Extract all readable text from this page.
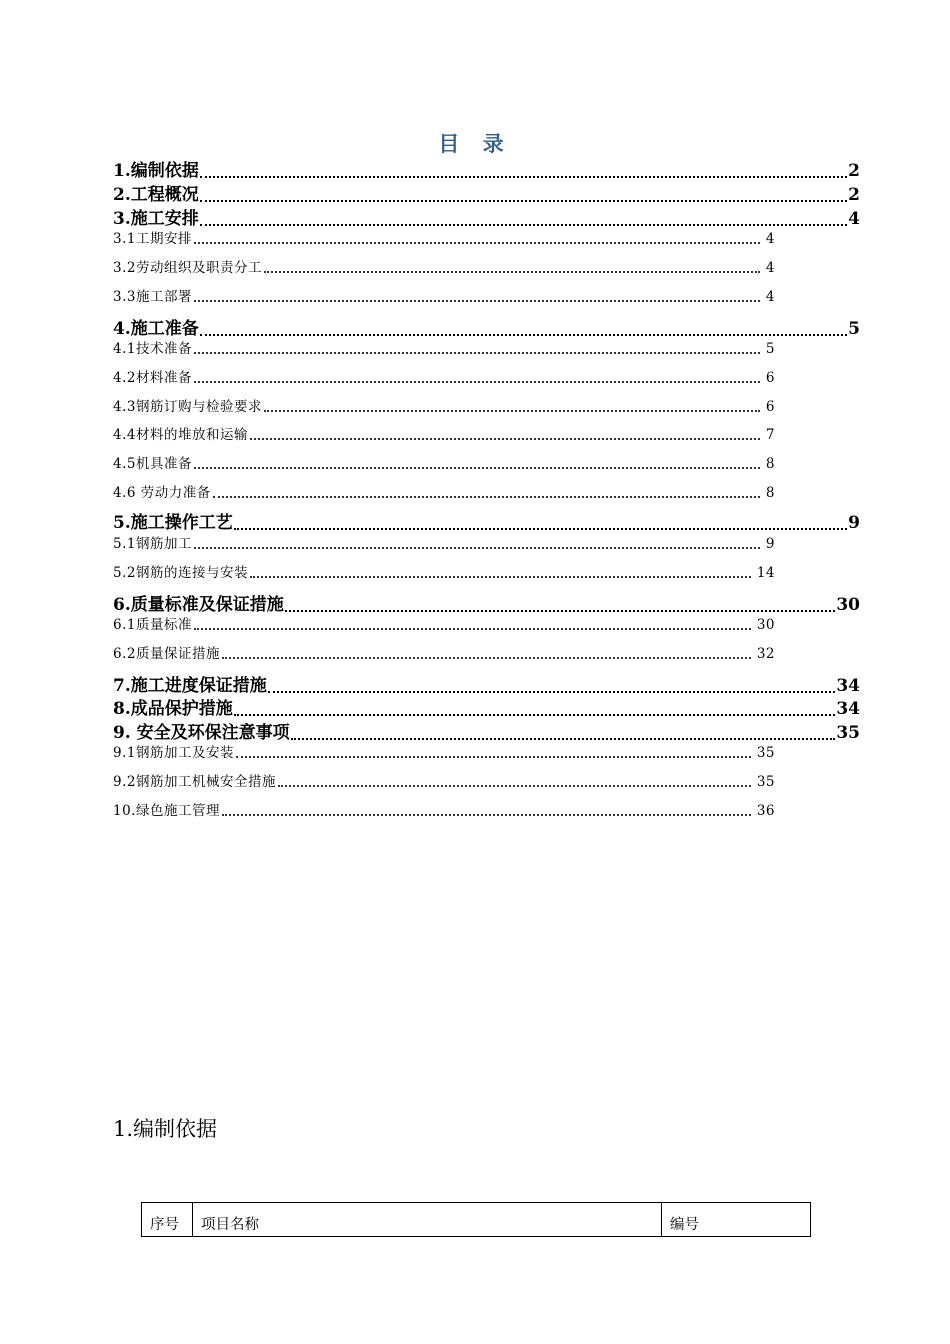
目 录
1.编制依据	2
2.工程概况	2
3.施工安排	4
3.1工期安排	4
3.2劳动组织及职责分工	4
3.3施工部署	4
4.施工准备	5
4.1技术准备	5
4.2材料准备	6
4.3钢筋订购与检验要求	6
4.4材料的堆放和运输	7
4.5机具准备	8
4.6 劳动力准备	8
5.施工操作工艺	9
5.1钢筋加工	9
5.2钢筋的连接与安装	14
6.质量标准及保证措施	30
6.1质量标准	30
6.2质量保证措施	32
7.施工进度保证措施	34
8.成品保护措施	34
9. 安全及环保注意事项	35
9.1钢筋加工及安装	35
9.2钢筋加工机械安全措施	35
10.绿色施工管理	36
1.编制依据
序号	项目名称	编号
